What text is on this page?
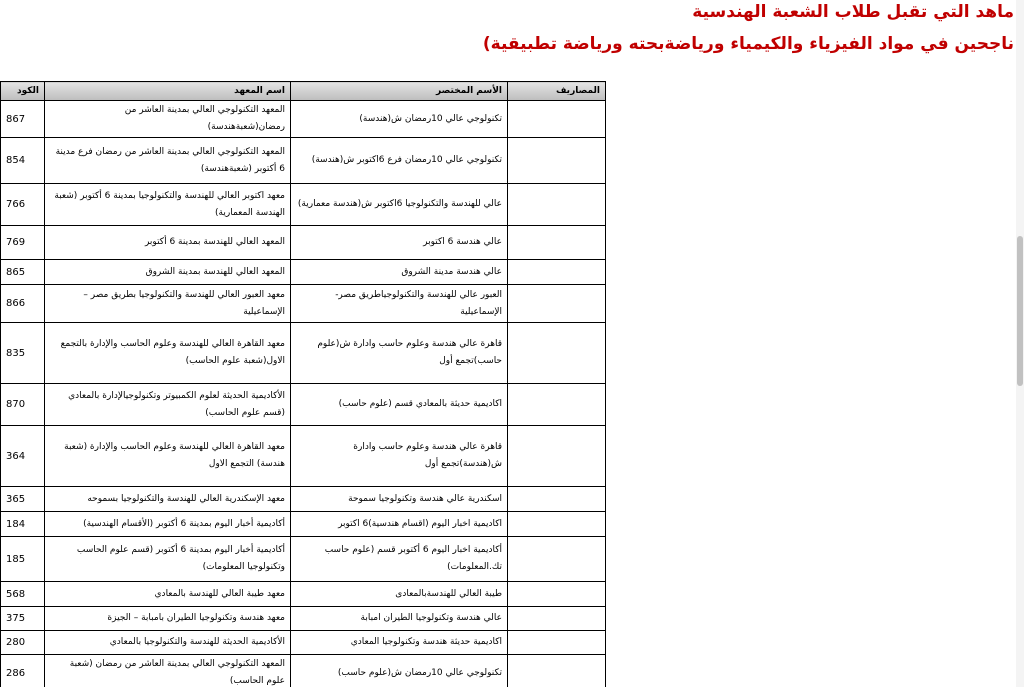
ماهد التي تقبل طلاب الشعبة الهندسية
ناجحين في مواد الفيزياء والكيمياء ورياضةبحته ورياضة تطبيقية)
المصاريف	الأسم المختصر	اسم المعهد	الكود
	تكنولوجي عالي 10رمضان ش(هندسة)	المعهد التكنولوجي العالي بمدينة العاشر من رمضان(شعبةهندسة)	867
	تكنولوجي عالي 10رمضان فرع 6اكتوبر ش(هندسة)	المعهد التكنولوجي العالي بمدينة العاشر من رمضان فرع مدينة 6 أكتوبر (شعبةهندسة)	854
	عالي للهندسة والتكنولوجيا 6اكتوبر ش(هندسة معمارية)	معهد اكتوبر العالي للهندسة والتكنولوجيا بمدينة 6 أكتوبر (شعبة الهندسة المعمارية)	766
	عالي هندسة 6 اكتوبر	المعهد العالي للهندسة بمدينة 6 أكتوبر	769
	عالي هندسة مدينة الشروق	المعهد العالي للهندسة بمدينة الشروق	865
	العبور عالي للهندسة والتكنولوجياطريق مصر- الإسماعيلية	معهد العبور العالي للهندسة والتكنولوجيا بطريق مصر – الإسماعيلية	866
	قاهرة عالي هندسة وعلوم حاسب وادارة ش(علوم حاسب)تجمع أول	معهد القاهرة العالي للهندسة وعلوم الحاسب والإدارة بالتجمع الاول(شعبة علوم الحاسب)	835
	اكاديمية حديثة بالمعادي قسم (علوم حاسب)	الأكاديمية الحديثة لعلوم الكمبيوتر وتكنولوجيالإدارة بالمعادي (قسم علوم الحاسب)	870
	قاهرة عالي هندسة وعلوم حاسب وادارة ش(هندسة)تجمع أول	معهد القاهرة العالي للهندسة وعلوم الحاسب والإدارة (شعبة هندسة) التجمع الاول	364
	اسكندرية عالي هندسة وتكنولوجيا سموحة	معهد الإسكندرية العالي للهندسة والتكنولوجيا بسموحه	365
	اكاديمية اخبار اليوم (اقسام هندسية)6 اكتوبر	أكاديمية أخبار اليوم بمدينة 6 أكتوبر (الأقسام الهندسية)	184
	أكاديمية اخبار اليوم 6 أكتوبر قسم (علوم حاسب تك.المعلومات)	أكاديمية أخبار اليوم بمدينة 6 أكتوبر (قسم علوم الحاسب وتكنولوجيا المعلومات)	185
	طيبة العالي للهندسةبالمعادى	معهد طيبة العالي للهندسة بالمعادي	568
	عالي هندسة وتكنولوجيا الطيران امبابة	معهد هندسة وتكنولوجيا الطيران بامبابة – الجيزة	375
	اكاديمية حديثة هندسة وتكنولوجيا المعادي	الأكاديمية الحديثة للهندسة والتكنولوجيا بالمعادي	280
	تكنولوجي عالي 10رمضان ش(علوم حاسب)	المعهد التكنولوجي العالي بمدينة العاشر من رمضان (شعبة علوم الحاسب)	286
